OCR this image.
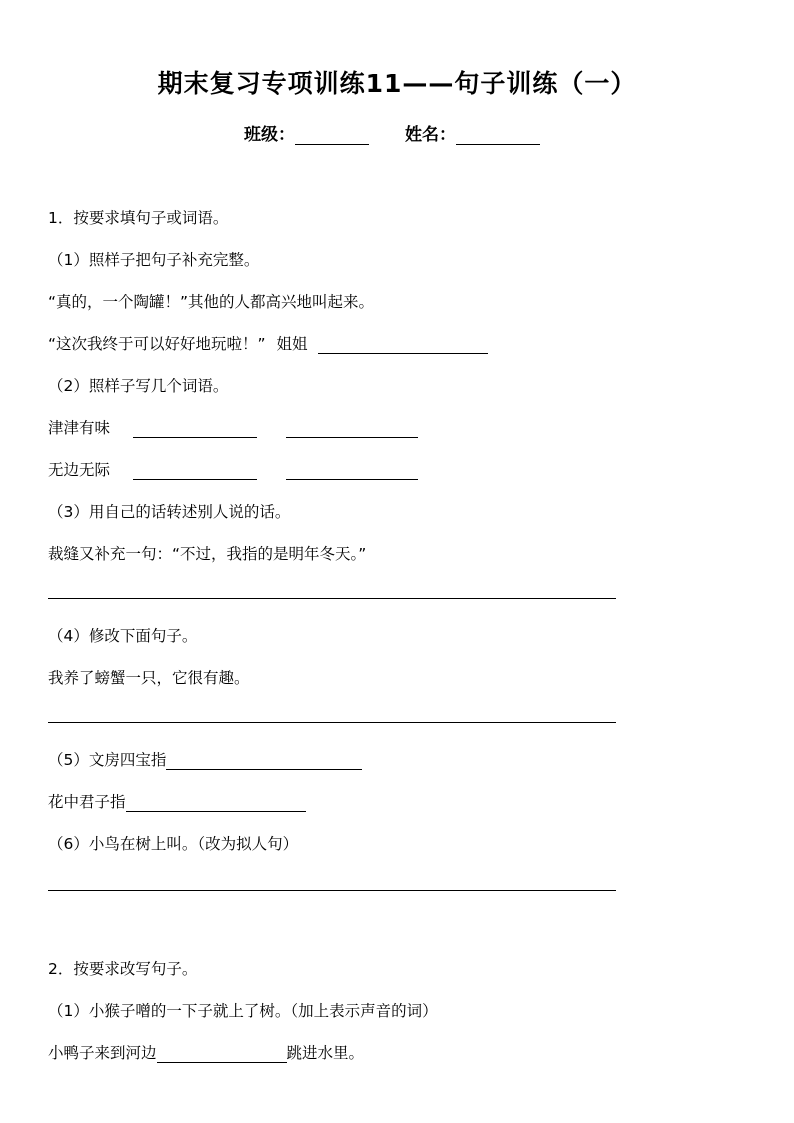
期末复习专项训练11——句子训练（一）
班级：	姓名：
1．按要求填句子或词语。
（1）照样子把句子补充完整。
“真的，一个陶罐！”其他的人都高兴地叫起来。
“这次我终于可以好好地玩啦！” 姐姐
（2）照样子写几个词语。
津津有味
无边无际
（3）用自己的话转述别人说的话。
裁缝又补充一句：“不过，我指的是明年冬天。”
（4）修改下面句子。
我养了螃蟹一只，它很有趣。
（5）文房四宝指
花中君子指
（6）小鸟在树上叫。（改为拟人句）
2．按要求改写句子。
（1）小猴子噌的一下子就上了树。（加上表示声音的词）
小鸭子来到河边	跳进水里。
